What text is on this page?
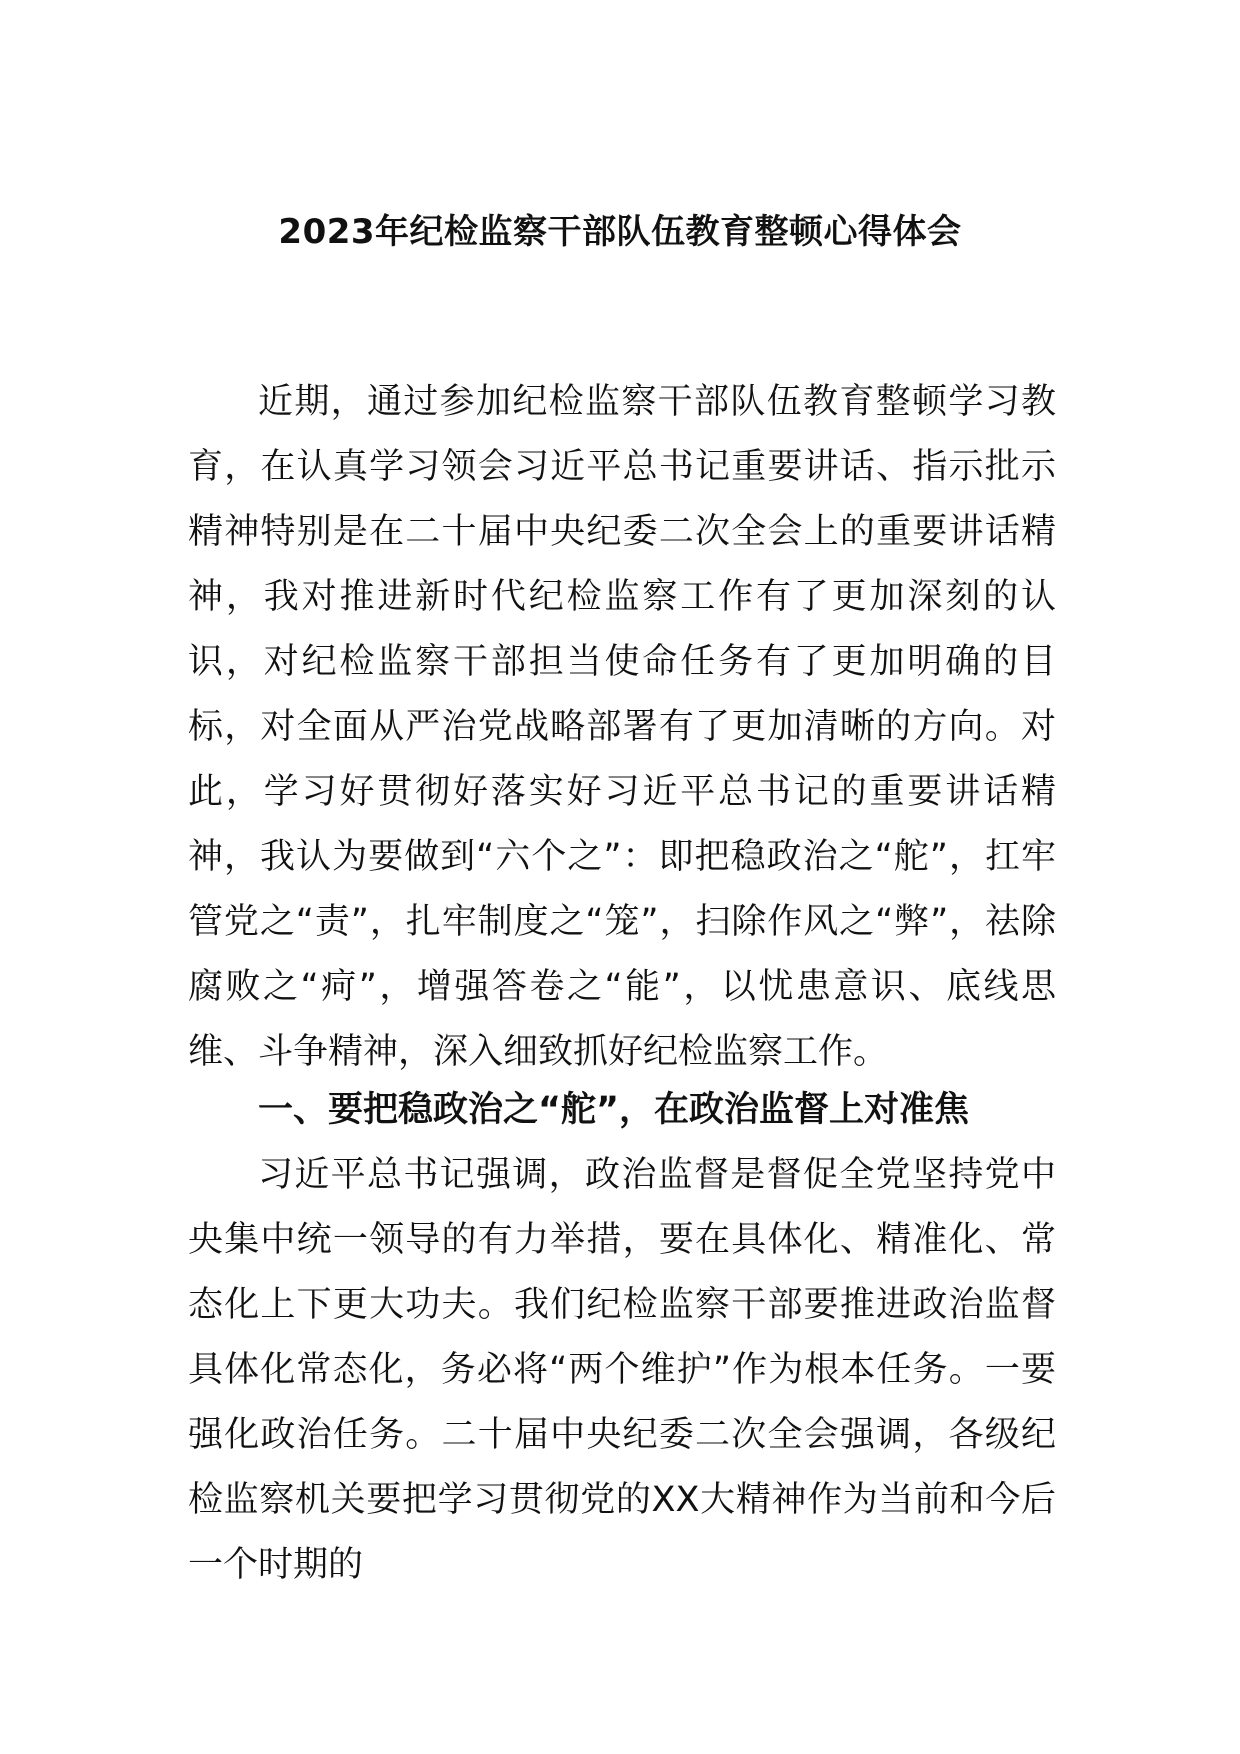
2023年纪检监察干部队伍教育整顿心得体会

近期，通过参加纪检监察干部队伍教育整顿学习教育，在认真学习领会习近平总书记重要讲话、指示批示精神特别是在二十届中央纪委二次全会上的重要讲话精神，我对推进新时代纪检监察工作有了更加深刻的认识，对纪检监察干部担当使命任务有了更加明确的目标，对全面从严治党战略部署有了更加清晰的方向。对此，学习好贯彻好落实好习近平总书记的重要讲话精神，我认为要做到“六个之”：即把稳政治之“舵”，扛牢管党之“责”，扎牢制度之“笼”，扫除作风之“弊”，祛除腐败之“疴”，增强答卷之“能”，以忧患意识、底线思维、斗争精神，深入细致抓好纪检监察工作。

一、要把稳政治之“舵”，在政治监督上对准焦

习近平总书记强调，政治监督是督促全党坚持党中央集中统一领导的有力举措，要在具体化、精准化、常态化上下更大功夫。我们纪检监察干部要推进政治监督具体化常态化，务必将“两个维护”作为根本任务。一要强化政治任务。二十届中央纪委二次全会强调，各级纪检监察机关要把学习贯彻党的XX大精神作为当前和今后一个时期的
